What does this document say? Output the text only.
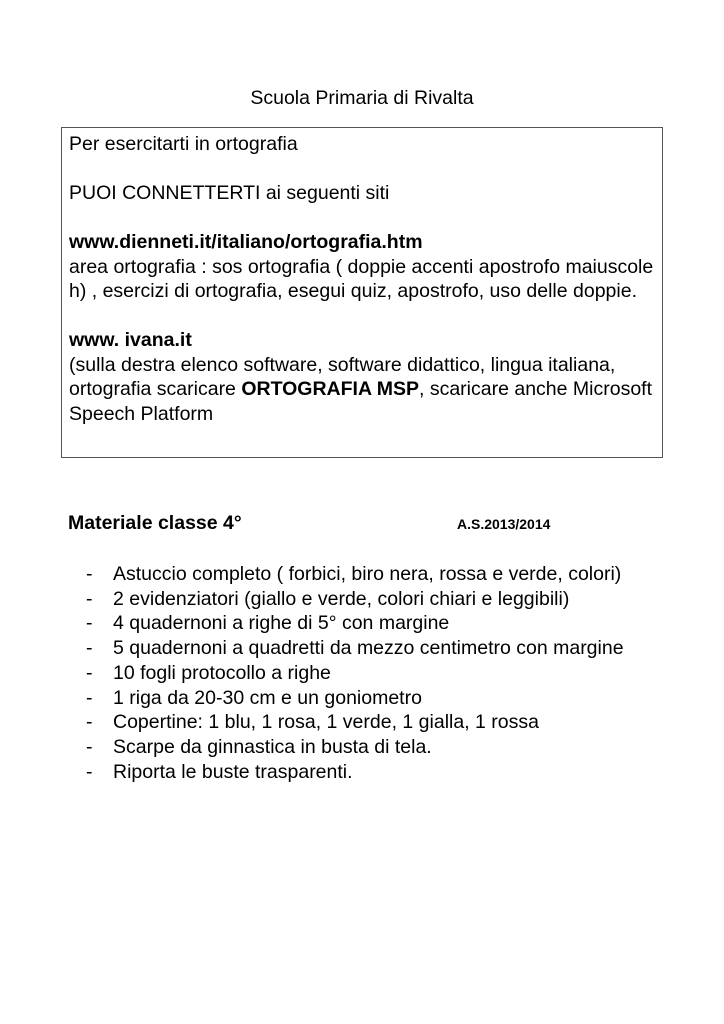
Scuola Primaria di Rivalta

Per esercitarti in ortografia

PUOI CONNETTERTI ai seguenti siti

www.dienneti.it/italiano/ortografia.htm

area ortografia : sos ortografia ( doppie accenti apostrofo maiuscole h) , esercizi di ortografia, esegui quiz, apostrofo, uso delle doppie.

www. ivana.it

(sulla destra elenco software, software didattico, lingua italiana, ortografia scaricare ORTOGRAFIA MSP, scaricare anche Microsoft Speech Platform

Materiale classe 4°	A.S.2013/2014
- Astuccio completo ( forbici, biro nera, rossa e verde, colori)
- 2 evidenziatori (giallo e verde, colori chiari e leggibili)
- 4 quadernoni a righe di 5° con margine
- 5 quadernoni a quadretti da mezzo centimetro con margine
- 10 fogli protocollo a righe
- 1 riga da 20-30 cm e un goniometro
- Copertine: 1 blu, 1 rosa, 1 verde, 1 gialla, 1 rossa
- Scarpe da ginnastica in busta di tela.
- Riporta le buste trasparenti.
